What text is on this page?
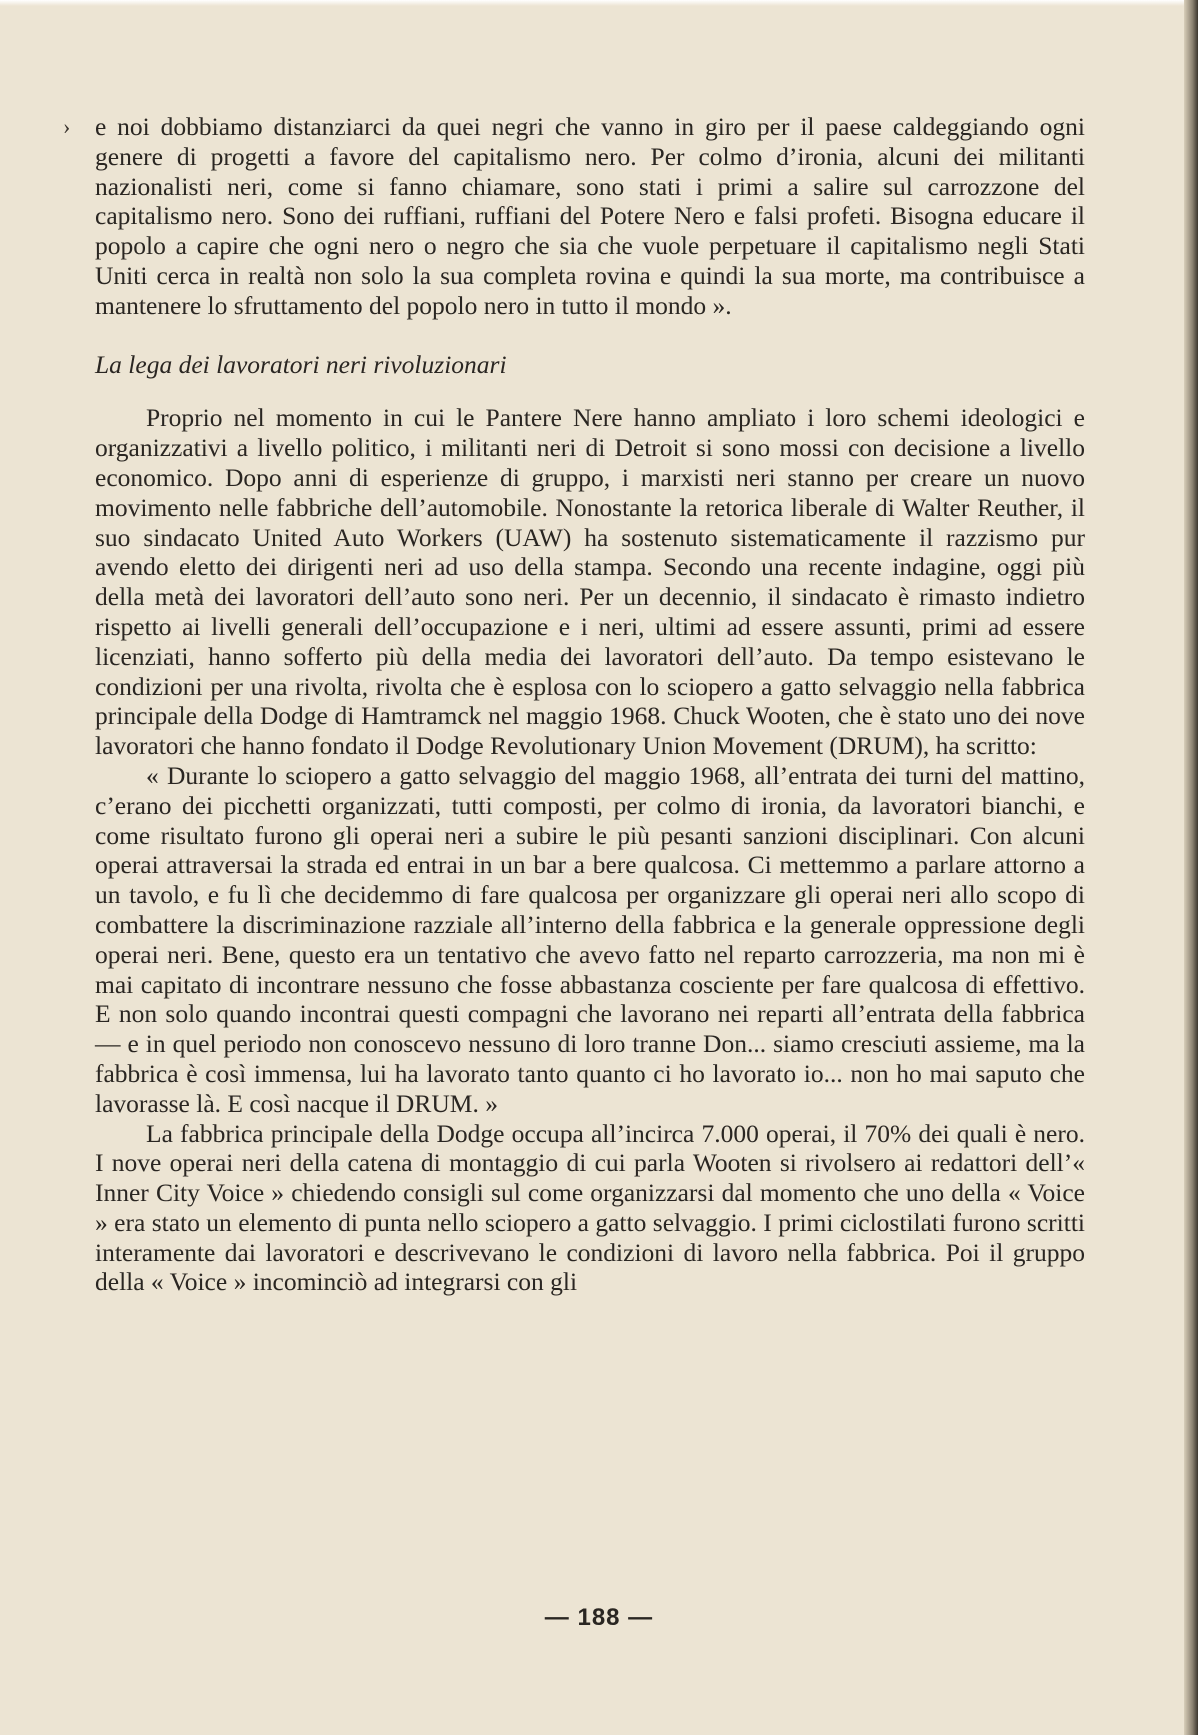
› e noi dobbiamo distanziarci da quei negri che vanno in giro per il paese caldeggiando ogni genere di progetti a favore del capitalismo nero. Per colmo d’ironia, alcuni dei militanti nazionalisti neri, come si fanno chiamare, sono stati i primi a salire sul carrozzone del capitalismo nero. Sono dei ruffiani, ruffiani del Potere Nero e falsi profeti. Bisogna educare il popolo a capire che ogni nero o negro che sia che vuole perpetuare il capitalismo negli Stati Uniti cerca in realtà non solo la sua completa rovina e quindi la sua morte, ma contribuisce a mantenere lo sfruttamento del popolo nero in tutto il mondo ».

La lega dei lavoratori neri rivoluzionari

Proprio nel momento in cui le Pantere Nere hanno ampliato i loro schemi ideologici e organizzativi a livello politico, i militanti neri di Detroit si sono mossi con decisione a livello economico. Dopo anni di esperienze di gruppo, i marxisti neri stanno per creare un nuovo movimento nelle fabbriche dell’automobile. Nonostante la retorica liberale di Walter Reuther, il suo sindacato United Auto Workers (UAW) ha sostenuto sistematicamente il razzismo pur avendo eletto dei dirigenti neri ad uso della stampa. Secondo una recente indagine, oggi più della metà dei lavoratori dell’auto sono neri. Per un decennio, il sindacato è rimasto indietro rispetto ai livelli generali dell’occupazione e i neri, ultimi ad essere assunti, primi ad essere licenziati, hanno sofferto più della media dei lavoratori dell’auto. Da tempo esistevano le condizioni per una rivolta, rivolta che è esplosa con lo sciopero a gatto selvaggio nella fabbrica principale della Dodge di Hamtramck nel maggio 1968. Chuck Wooten, che è stato uno dei nove lavoratori che hanno fondato il Dodge Revolutionary Union Movement (DRUM), ha scritto:

« Durante lo sciopero a gatto selvaggio del maggio 1968, all’entrata dei turni del mattino, c’erano dei picchetti organizzati, tutti composti, per colmo di ironia, da lavoratori bianchi, e come risultato furono gli operai neri a subire le più pesanti sanzioni disciplinari. Con alcuni operai attraversai la strada ed entrai in un bar a bere qualcosa. Ci mettemmo a parlare attorno a un tavolo, e fu lì che decidemmo di fare qualcosa per organizzare gli operai neri allo scopo di combattere la discriminazione razziale all’interno della fabbrica e la generale oppressione degli operai neri. Bene, questo era un tentativo che avevo fatto nel reparto carrozzeria, ma non mi è mai capitato di incontrare nessuno che fosse abbastanza cosciente per fare qualcosa di effettivo. E non solo quando incontrai questi compagni che lavorano nei reparti all’entrata della fabbrica — e in quel periodo non conoscevo nessuno di loro tranne Don... siamo cresciuti assieme, ma la fabbrica è così immensa, lui ha lavorato tanto quanto ci ho lavorato io... non ho mai saputo che lavorasse là. E così nacque il DRUM. »

La fabbrica principale della Dodge occupa all’incirca 7.000 operai, il 70% dei quali è nero. I nove operai neri della catena di montaggio di cui parla Wooten si rivolsero ai redattori dell’« Inner City Voice » chiedendo consigli sul come organizzarsi dal momento che uno della « Voice » era stato un elemento di punta nello sciopero a gatto selvaggio. I primi ciclostilati furono scritti interamente dai lavoratori e descrivevano le condizioni di lavoro nella fabbrica. Poi il gruppo della « Voice » incominciò ad integrarsi con gli

— 188 —
